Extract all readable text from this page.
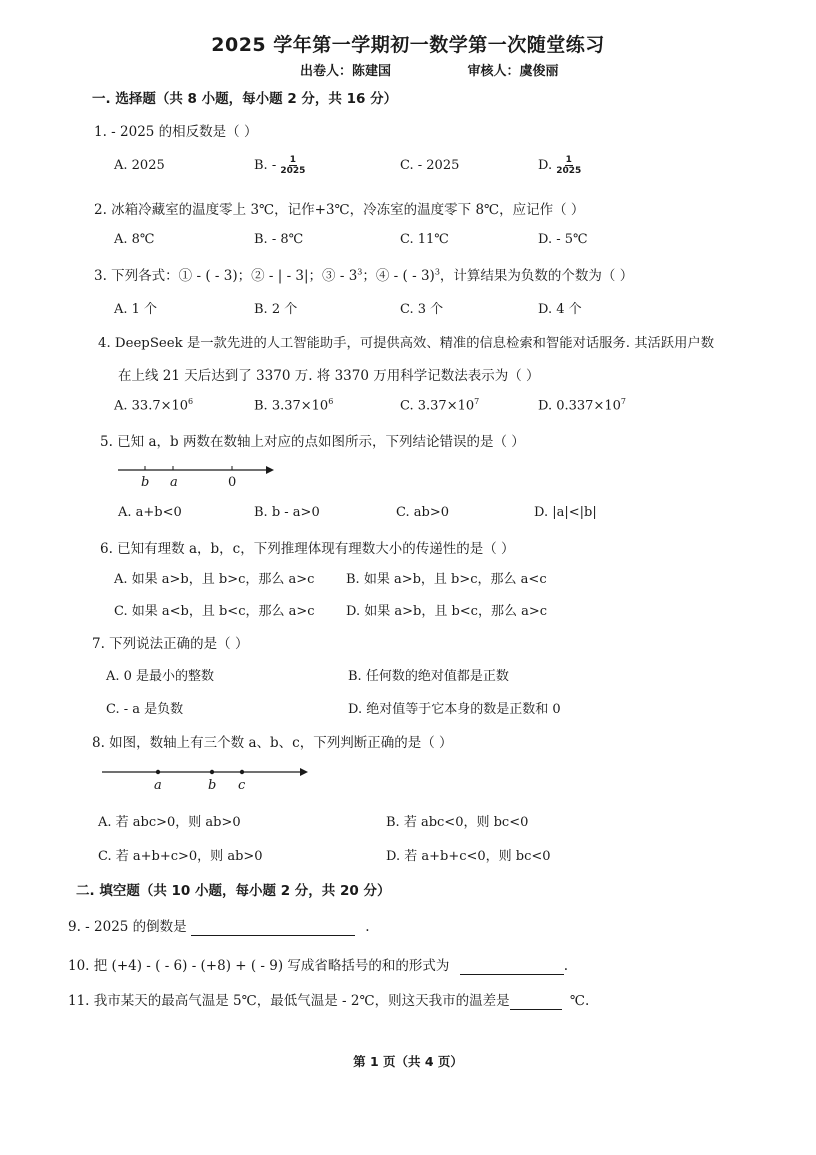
2025 学年第一学期初一数学第一次随堂练习
出卷人：陈建国	审核人：虞俊丽
一. 选择题（共 8 小题，每小题 2 分，共 16 分）
1. - 2025 的相反数是（ ）
A. 2025	B. - $\frac{1}{2025}$	C. - 2025	D. $\frac{1}{2025}$
2. 冰箱冷藏室的温度零上 3℃，记作+3℃，冷冻室的温度零下 8℃，应记作（ ）
A. 8℃	B. - 8℃	C. 11℃	D. - 5℃
3. 下列各式：① - ( - 3)；② - | - 3|；③ - $3^3$；④ - ( - 3)$^3$，计算结果为负数的个数为（ ）
A. 1 个	B. 2 个	C. 3 个	D. 4 个
4. DeepSeek 是一款先进的人工智能助手，可提供高效、精准的信息检索和智能对话服务. 其活跃用户数
在上线 21 天后达到了 3370 万. 将 3370 万用科学记数法表示为（ ）
A. $33.7\times 10^6$	B. $3.37\times 10^6$	C. $3.37\times 10^7$	D. $0.337\times 10^7$
5. 已知 a，b 两数在数轴上对应的点如图所示，下列结论错误的是（ ）
b a	0
A. a+b<0	B. b - a>0	C. ab>0	D. |a|<|b|
6. 已知有理数 a，b，c，下列推理体现有理数大小的传递性的是（ ）
A. 如果 a>b，且 b>c，那么 a>c B. 如果 a>b，且 b>c，那么 a<c
C. 如果 a<b，且 b<c，那么 a>c D. 如果 a>b，且 b<c，那么 a>c
7. 下列说法正确的是（ ）
A. 0 是最小的整数	B. 任何数的绝对值都是正数
C. - a 是负数	D. 绝对值等于它本身的数是正数和 0
8. 如图，数轴上有三个数 a、b、c，下列判断正确的是（ ）
a	b c
A. 若 abc>0，则 ab>0	B. 若 abc<0，则 bc<0
C. 若 a+b+c>0，则 ab>0	D. 若 a+b+c<0，则 bc<0
二. 填空题（共 10 小题，每小题 2 分，共 20 分）
9. - 2025 的倒数是	.
10. 把 (+4) - ( - 6) - (+8) + ( - 9) 写成省略括号的和的形式为	.
11. 我市某天的最高气温是 5℃，最低气温是 - 2℃，则这天我市的温差是	℃.
第 1 页（共 4 页）
